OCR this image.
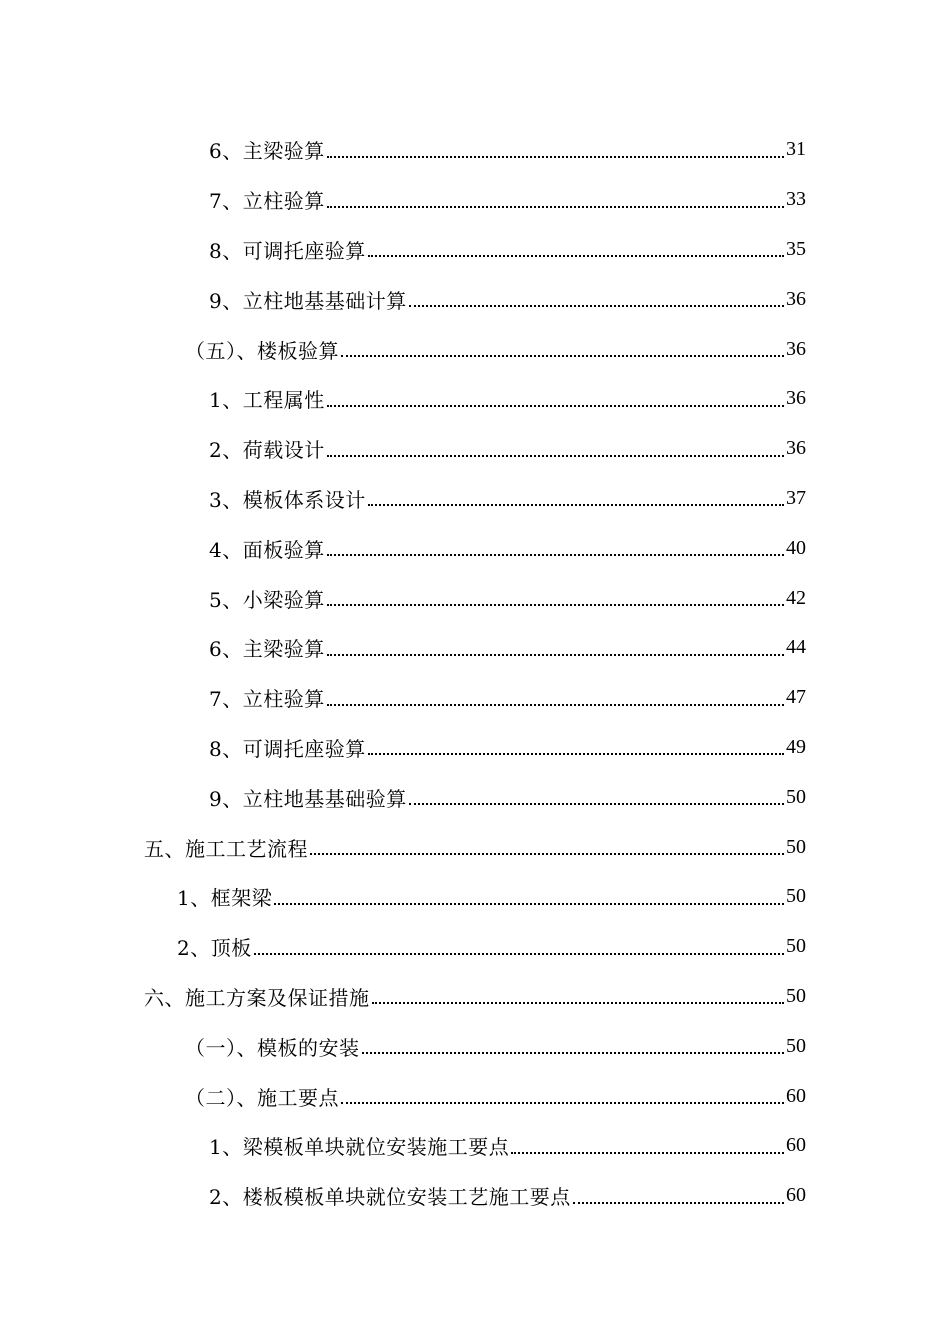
6、主梁验算	31
7、立柱验算	33
8、可调托座验算	35
9、立柱地基基础计算	36
（五）、楼板验算	36
1、工程属性	36
2、荷载设计	36
3、模板体系设计	37
4、面板验算	40
5、小梁验算	42
6、主梁验算	44
7、立柱验算	47
8、可调托座验算	49
9、立柱地基基础验算	50
五、施工工艺流程	50
1、框架梁	50
2、顶板	50
六、施工方案及保证措施	50
（一）、模板的安装	50
（二）、施工要点	60
1、梁模板单块就位安装施工要点	60
2、楼板模板单块就位安装工艺施工要点	60
